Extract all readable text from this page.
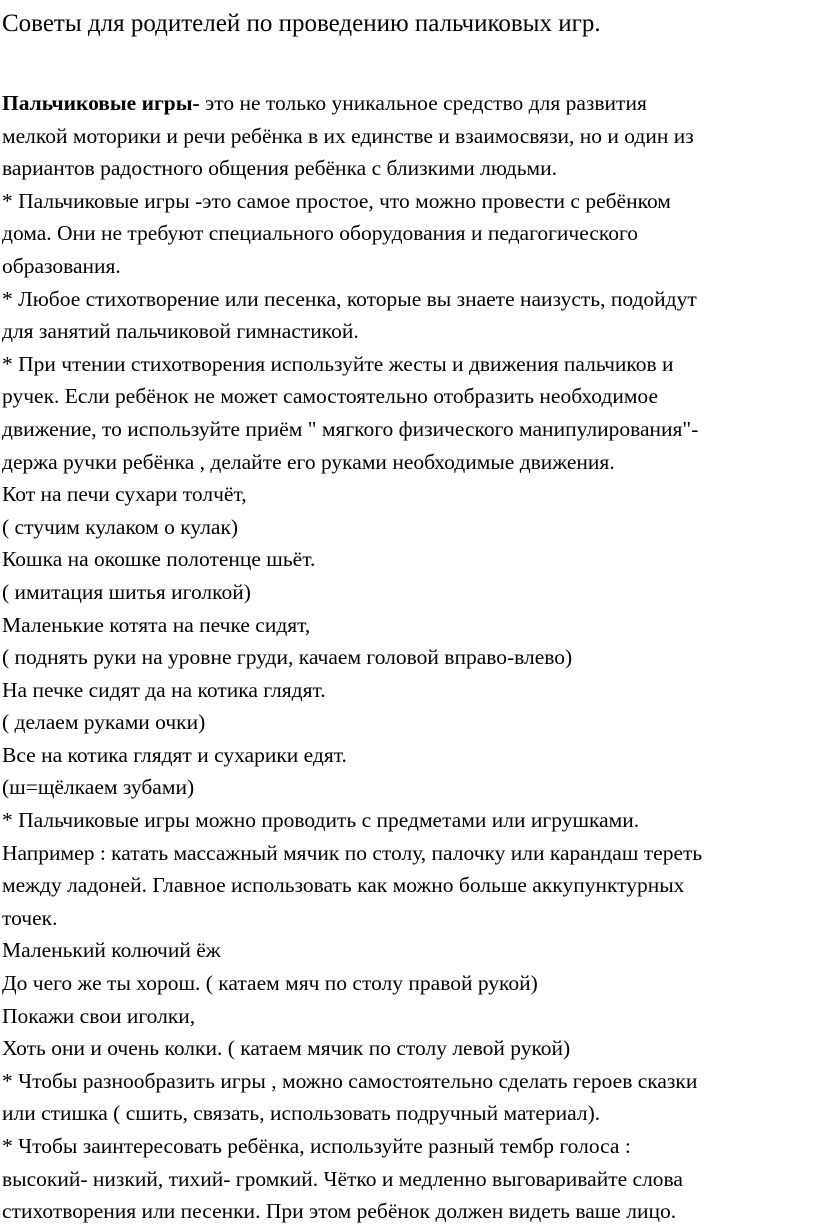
Советы для родителей по проведению пальчиковых игр.
Пальчиковые игры- это не только уникальное средство для развития
мелкой моторики и речи ребёнка в их единстве и взаимосвязи, но и один из
вариантов радостного общения ребёнка с близкими людьми.
* Пальчиковые игры -это самое простое, что можно провести с ребёнком
дома. Они не требуют специального оборудования и педагогического
образования.
* Любое стихотворение или песенка, которые вы знаете наизусть, подойдут
для занятий пальчиковой гимнастикой.
* При чтении стихотворения используйте жесты и движения пальчиков и
ручек. Если ребёнок не может самостоятельно отобразить необходимое
движение, то используйте приём " мягкого физического манипулирования"-
держа ручки ребёнка , делайте его руками необходимые движения.
Кот на печи сухари толчёт,
( стучим кулаком о кулак)
Кошка на окошке полотенце шьёт.
( имитация шитья иголкой)
Маленькие котята на печке сидят,
( поднять руки на уровне груди, качаем головой вправо-влево)
На печке сидят да на котика глядят.
( делаем руками очки)
Все на котика глядят и сухарики едят.
(ш=щёлкаем зубами)
* Пальчиковые игры можно проводить с предметами или игрушками.
Например : катать массажный мячик по столу, палочку или карандаш тереть
между ладоней. Главное использовать как можно больше аккупунктурных
точек.
Маленький колючий ёж
До чего же ты хорош. ( катаем мяч по столу правой рукой)
Покажи свои иголки,
Хоть они и очень колки. ( катаем мячик по столу левой рукой)
* Чтобы разнообразить игры , можно самостоятельно сделать героев сказки
или стишка ( сшить, связать, использовать подручный материал).
* Чтобы заинтересовать ребёнка, используйте разный тембр голоса :
высокий- низкий, тихий- громкий. Чётко и медленно выговаривайте слова
стихотворения или песенки. При этом ребёнок должен видеть ваше лицо.
